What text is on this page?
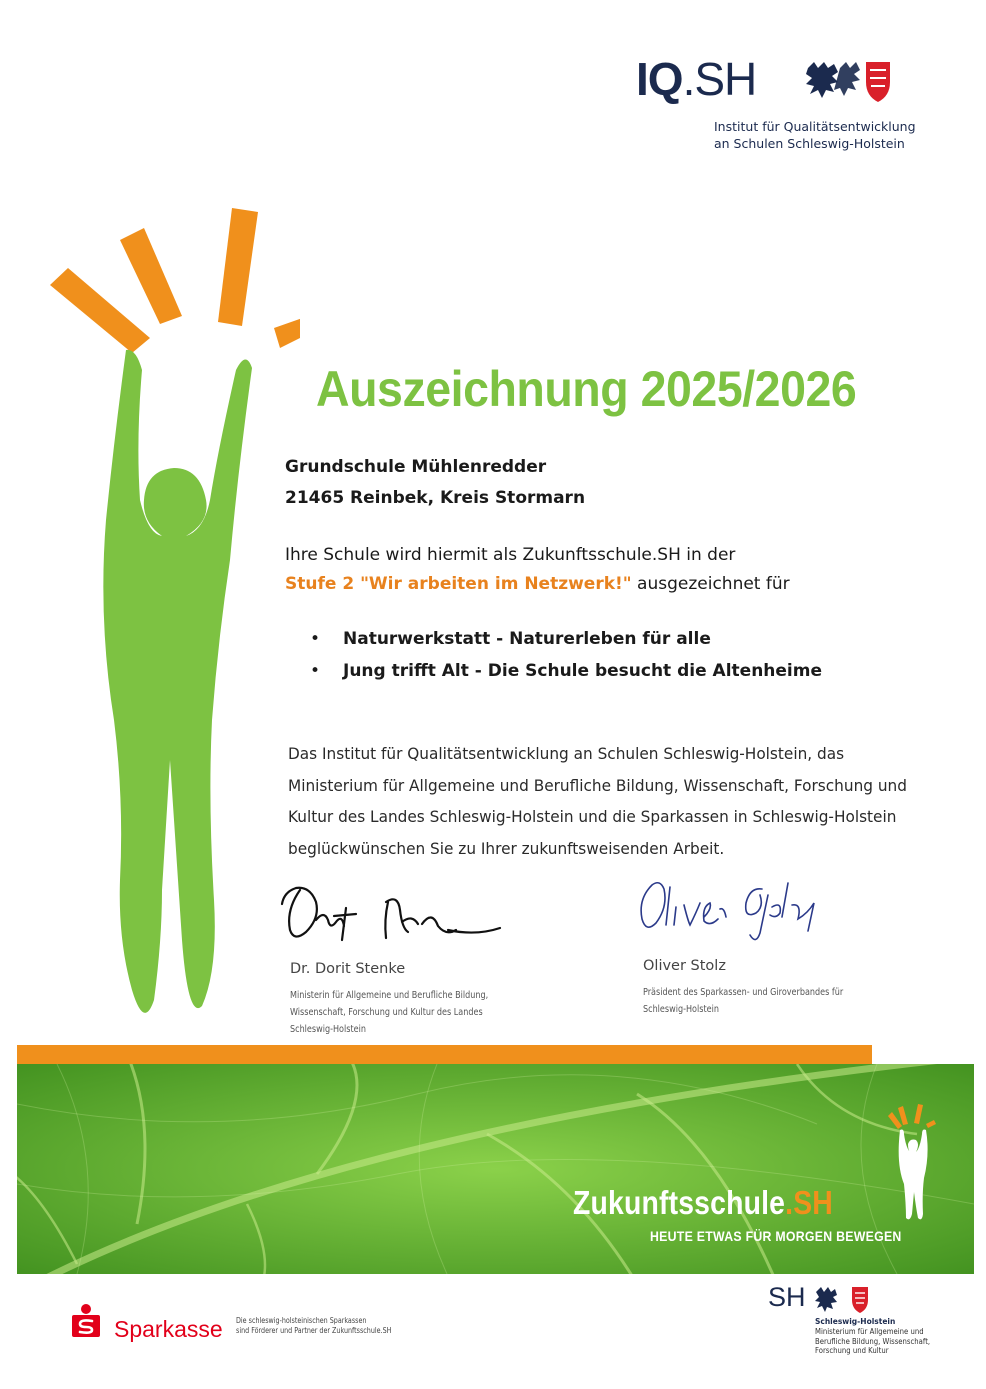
IQ.SH
Institut für Qualitätsentwicklung
an Schulen Schleswig-Holstein
Auszeichnung 2025/2026
Grundschule Mühlenredder
21465 Reinbek, Kreis Stormarn
Ihre Schule wird hiermit als Zukunftsschule.SH in der
Stufe 2 "Wir arbeiten im Netzwerk!" ausgezeichnet für
• Naturwerkstatt - Naturerleben für alle
• Jung trifft Alt - Die Schule besucht die Altenheime
Das Institut für Qualitätsentwicklung an Schulen Schleswig-Holstein, das
Ministerium für Allgemeine und Berufliche Bildung, Wissenschaft, Forschung und
Kultur des Landes Schleswig-Holstein und die Sparkassen in Schleswig-Holstein
beglückwünschen Sie zu Ihrer zukunftsweisenden Arbeit.
Dr. Dorit Stenke
Ministerin für Allgemeine und Berufliche Bildung,
Wissenschaft, Forschung und Kultur des Landes
Schleswig-Holstein
Oliver Stolz
Präsident des Sparkassen- und Giroverbandes für
Schleswig-Holstein
Zukunftsschule.SH
HEUTE ETWAS FÜR MORGEN BEWEGEN
Sparkasse Die schleswig-holsteinischen Sparkassen
sind Förderer und Partner der Zukunftsschule.SH
SH
Schleswig-Holstein
Ministerium für Allgemeine und
Berufliche Bildung, Wissenschaft,
Forschung und Kultur
